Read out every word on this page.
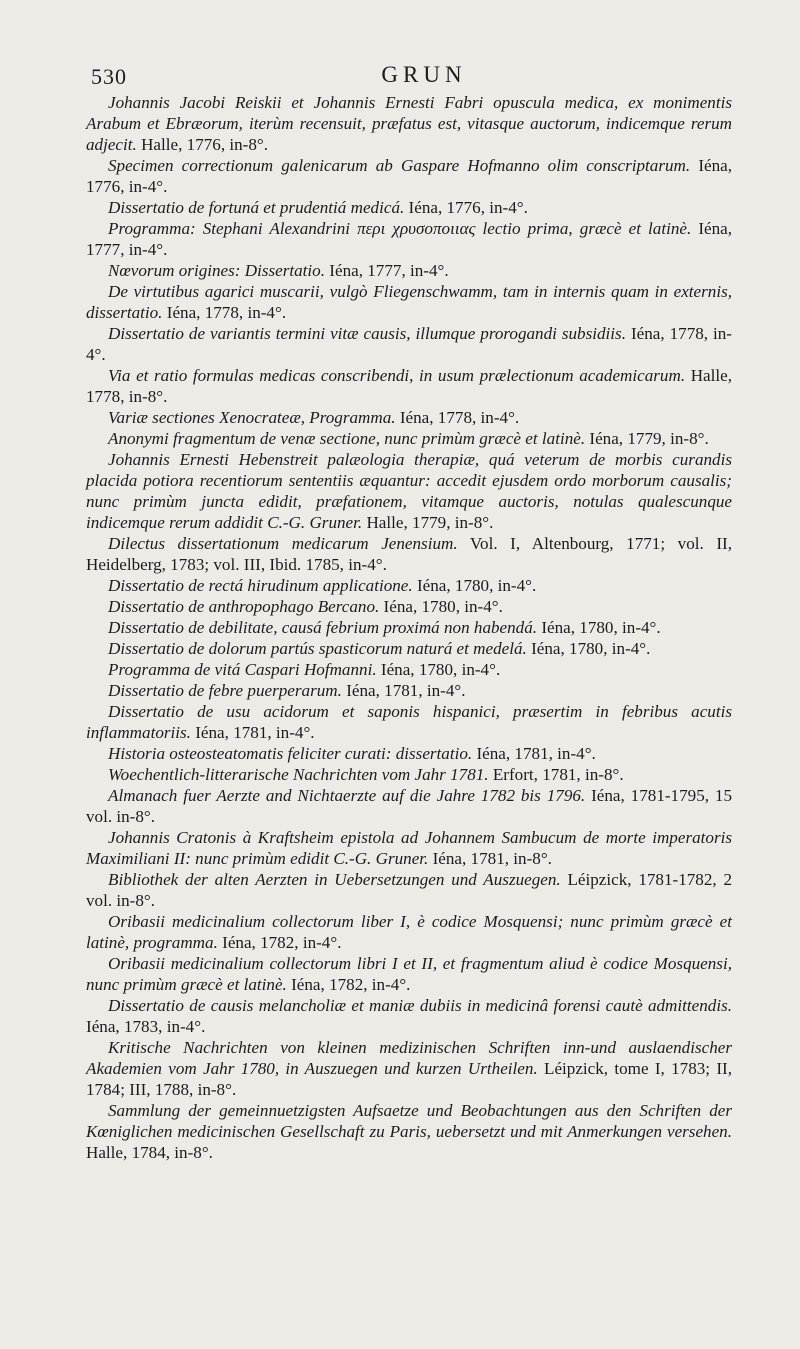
530	GRUN

Johannis Jacobi Reiskii et Johannis Ernesti Fabri opuscula medica, ex monimentis Arabum et Ebræorum, iterùm recensuit, præfatus est, vitasque auctorum, indicemque rerum adjecit. Halle, 1776, in-8°.

Specimen correctionum galenicarum ab Gaspare Hofmanno olim conscriptarum. Iéna, 1776, in-4°.

Dissertatio de fortuná et prudentiá medicá. Iéna, 1776, in-4°.

Programma: Stephani Alexandrini περι χρυσοποιιας lectio prima, græcè et latinè. Iéna, 1777, in-4°.

Nœvorum origines: Dissertatio. Iéna, 1777, in-4°.

De virtutibus agarici muscarii, vulgò Fliegenschwamm, tam in internis quam in externis, dissertatio. Iéna, 1778, in-4°.

Dissertatio de variantis termini vitæ causis, illumque prorogandi subsidiis. Iéna, 1778, in-4°.

Via et ratio formulas medicas conscribendi, in usum prælectionum academicarum. Halle, 1778, in-8°.

Variæ sectiones Xenocrateæ, Programma. Iéna, 1778, in-4°.

Anonymi fragmentum de venæ sectione, nunc primùm græcè et latinè. Iéna, 1779, in-8°.

Johannis Ernesti Hebenstreit palæologia therapiæ, quá veterum de morbis curandis placida potiora recentiorum sententiis æquantur: accedit ejusdem ordo morborum causalis; nunc primùm juncta edidit, præfationem, vitamque auctoris, notulas qualescunque indicemque rerum addidit C.-G. Gruner. Halle, 1779, in-8°.

Dilectus dissertationum medicarum Jenensium. Vol. I, Altenbourg, 1771; vol. II, Heidelberg, 1783; vol. III, Ibid. 1785, in-4°.

Dissertatio de rectá hirudinum applicatione. Iéna, 1780, in-4°.

Dissertatio de anthropophago Bercano. Iéna, 1780, in-4°.

Dissertatio de debilitate, causá febrium proximá non habendá. Iéna, 1780, in-4°.

Dissertatio de dolorum partús spasticorum naturá et medelá. Iéna, 1780, in-4°.

Programma de vitá Caspari Hofmanni. Iéna, 1780, in-4°.

Dissertatio de febre puerperarum. Iéna, 1781, in-4°.

Dissertatio de usu acidorum et saponis hispanici, præsertim in febribus acutis inflammatoriis. Iéna, 1781, in-4°.

Historia osteosteatomatis feliciter curati: dissertatio. Iéna, 1781, in-4°.

Woechentlich-litterarische Nachrichten vom Jahr 1781. Erfort, 1781, in-8°.

Almanach fuer Aerzte and Nichtaerzte auf die Jahre 1782 bis 1796. Iéna, 1781-1795, 15 vol. in-8°.

Johannis Cratonis à Kraftsheim epistola ad Johannem Sambucum de morte imperatoris Maximiliani II: nunc primùm edidit C.-G. Gruner. Iéna, 1781, in-8°.

Bibliothek der alten Aerzten in Uebersetzungen und Auszuegen. Léipzick, 1781-1782, 2 vol. in-8°.

Oribasii medicinalium collectorum liber I, è codice Mosquensi; nunc primùm græcè et latinè, programma. Iéna, 1782, in-4°.

Oribasii medicinalium collectorum libri I et II, et fragmentum aliud è codice Mosquensi, nunc primùm græcè et latinè. Iéna, 1782, in-4°.

Dissertatio de causis melancholiæ et maniæ dubiis in medicinâ forensi cautè admittendis. Iéna, 1783, in-4°.

Kritische Nachrichten von kleinen medizinischen Schriften inn-und auslaendischer Akademien vom Jahr 1780, in Auszuegen und kurzen Urtheilen. Léipzick, tome I, 1783; II, 1784; III, 1788, in-8°.

Sammlung der gemeinnuetzigsten Aufsaetze und Beobachtungen aus den Schriften der Kœniglichen medicinischen Gesellschaft zu Paris, uebersetzt und mit Anmerkungen versehen. Halle, 1784, in-8°.
